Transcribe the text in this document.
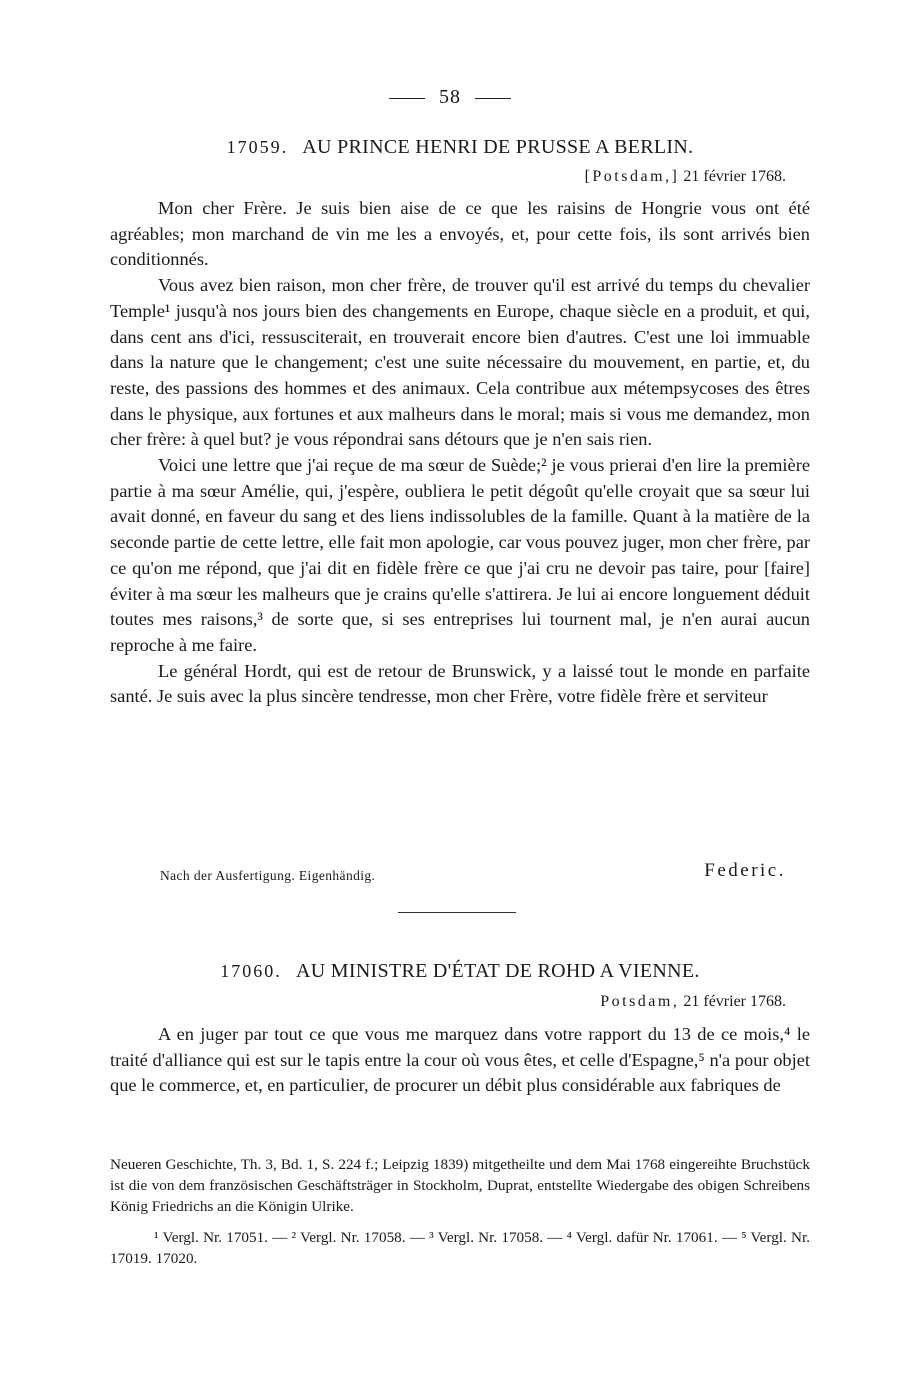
58
17059. AU PRINCE HENRI DE PRUSSE A BERLIN.
[Potsdam,] 21 février 1768.

Mon cher Frère. Je suis bien aise de ce que les raisins de Hongrie vous ont été agréables; mon marchand de vin me les a envoyés, et, pour cette fois, ils sont arrivés bien conditionnés.

Vous avez bien raison, mon cher frère, de trouver qu'il est arrivé du temps du chevalier Temple¹ jusqu'à nos jours bien des changements en Europe, chaque siècle en a produit, et qui, dans cent ans d'ici, ressusciterait, en trouverait encore bien d'autres. C'est une loi immuable dans la nature que le changement; c'est une suite nécessaire du mouvement, en partie, et, du reste, des passions des hommes et des animaux. Cela contribue aux métempsycoses des êtres dans le physique, aux fortunes et aux malheurs dans le moral; mais si vous me demandez, mon cher frère: à quel but? je vous répondrai sans détours que je n'en sais rien.

Voici une lettre que j'ai reçue de ma sœur de Suède;² je vous prierai d'en lire la première partie à ma sœur Amélie, qui, j'espère, oubliera le petit dégoût qu'elle croyait que sa sœur lui avait donné, en faveur du sang et des liens indissolubles de la famille. Quant à la matière de la seconde partie de cette lettre, elle fait mon apologie, car vous pouvez juger, mon cher frère, par ce qu'on me répond, que j'ai dit en fidèle frère ce que j'ai cru ne devoir pas taire, pour [faire] éviter à ma sœur les malheurs que je crains qu'elle s'attirera. Je lui ai encore longuement déduit toutes mes raisons,³ de sorte que, si ses entreprises lui tournent mal, je n'en aurai aucun reproche à me faire.

Le général Hordt, qui est de retour de Brunswick, y a laissé tout le monde en parfaite santé. Je suis avec la plus sincère tendresse, mon cher Frère, votre fidèle frère et serviteur

Nach der Ausfertigung. Eigenhändig.	Federic.
17060. AU MINISTRE D'ÉTAT DE ROHD A VIENNE.
Potsdam, 21 février 1768.

A en juger par tout ce que vous me marquez dans votre rapport du 13 de ce mois,⁴ le traité d'alliance qui est sur le tapis entre la cour où vous êtes, et celle d'Espagne,⁵ n'a pour objet que le commerce, et, en particulier, de procurer un débit plus considérable aux fabriques de

Neueren Geschichte, Th. 3, Bd. 1, S. 224 f.; Leipzig 1839) mitgetheilte und dem Mai 1768 eingereihte Bruchstück ist die von dem französischen Geschäftsträger in Stockholm, Duprat, entstellte Wiedergabe des obigen Schreibens König Friedrichs an die Königin Ulrike.

¹ Vergl. Nr. 17051. — ² Vergl. Nr. 17058. — ³ Vergl. Nr. 17058. — ⁴ Vergl. dafür Nr. 17061. — ⁵ Vergl. Nr. 17019. 17020.
